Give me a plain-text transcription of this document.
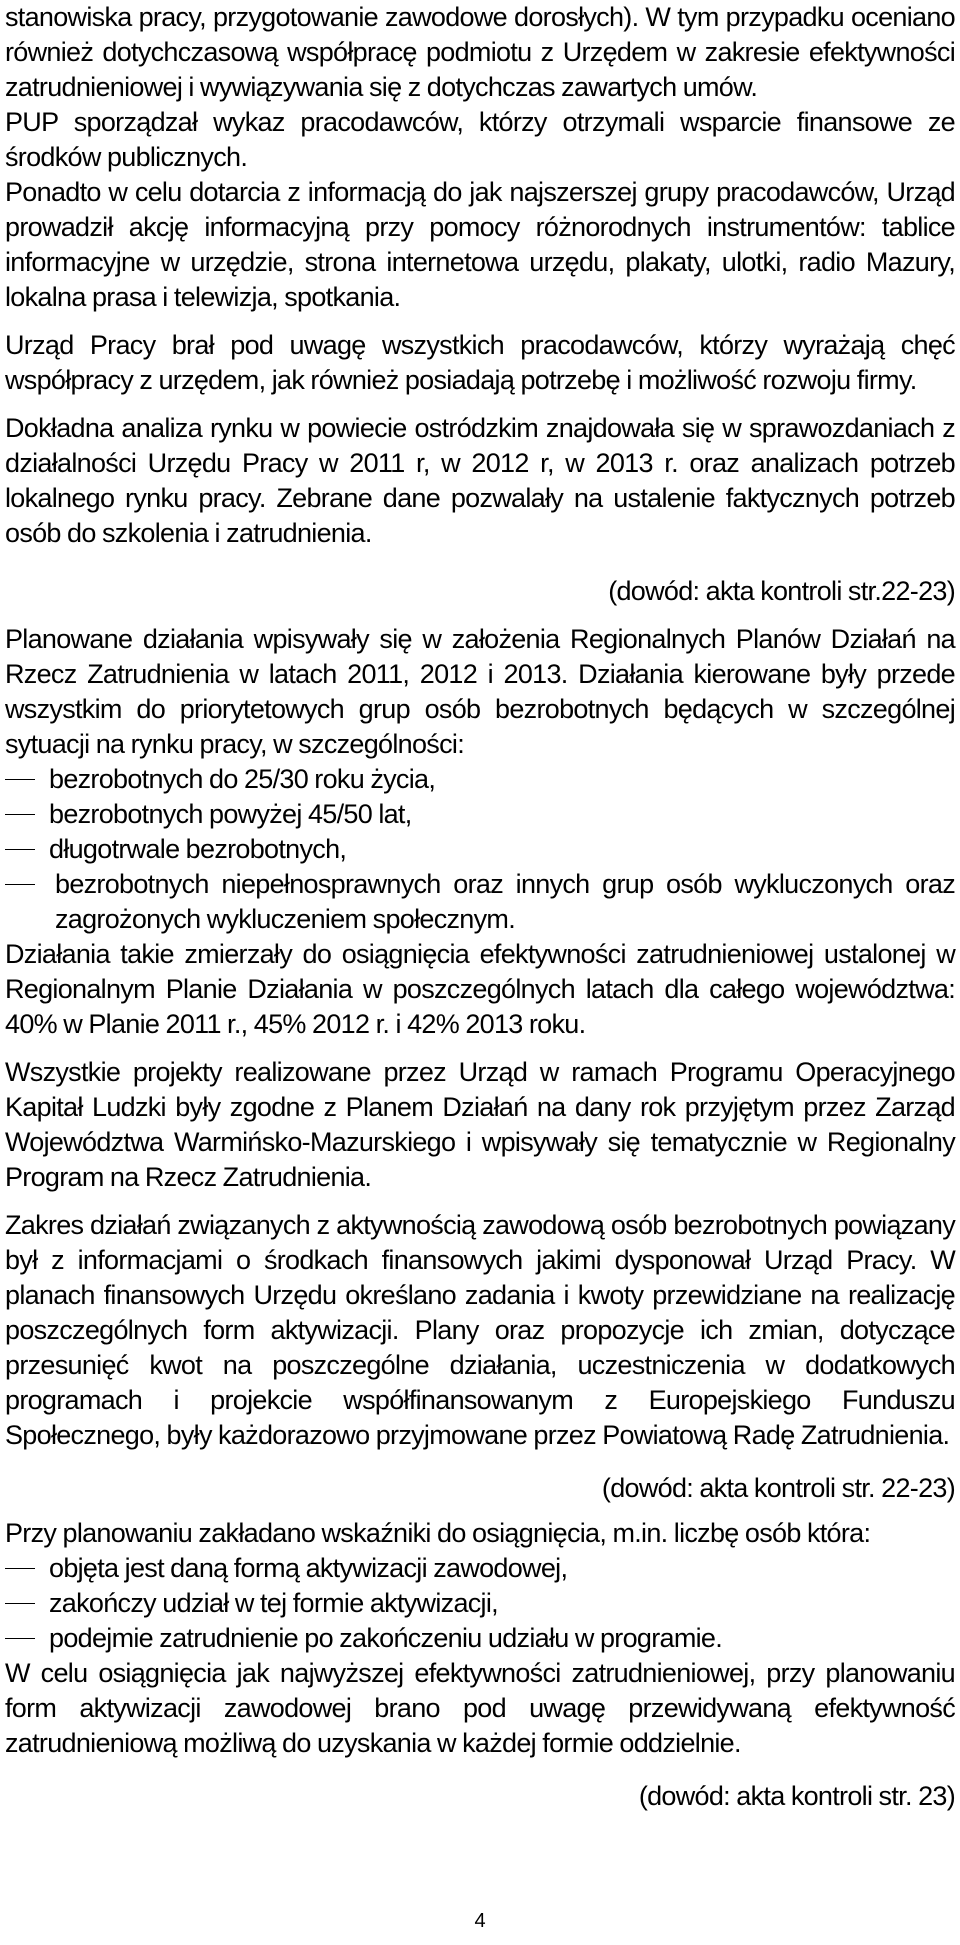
stanowiska pracy, przygotowanie zawodowe dorosłych). W tym przypadku oceniano również dotychczasową współpracę podmiotu z Urzędem w zakresie efektywności zatrudnieniowej i wywiązywania się z dotychczas zawartych umów.

PUP sporządzał wykaz pracodawców, którzy otrzymali wsparcie finansowe ze środków publicznych.

Ponadto w celu dotarcia z informacją do jak najszerszej grupy pracodawców, Urząd prowadził akcję informacyjną przy pomocy różnorodnych instrumentów: tablice informacyjne w urzędzie, strona internetowa urzędu, plakaty, ulotki, radio Mazury, lokalna prasa i telewizja, spotkania.

Urząd Pracy brał pod uwagę wszystkich pracodawców, którzy wyrażają chęć współpracy z urzędem, jak również posiadają potrzebę i możliwość rozwoju firmy.

Dokładna analiza rynku w powiecie ostródzkim znajdowała się w sprawozdaniach z działalności Urzędu Pracy w 2011 r, w 2012 r, w 2013 r. oraz analizach potrzeb lokalnego rynku pracy. Zebrane dane pozwalały na ustalenie faktycznych potrzeb osób do szkolenia i zatrudnienia.

(dowód: akta kontroli str.22-23)

Planowane działania wpisywały się w założenia Regionalnych Planów Działań na Rzecz Zatrudnienia w latach 2011, 2012 i 2013. Działania kierowane były przede wszystkim do priorytetowych grup osób bezrobotnych będących w szczególnej sytuacji na rynku pracy, w szczególności:

bezrobotnych do 25/30 roku życia,
bezrobotnych powyżej 45/50 lat,
długotrwale bezrobotnych,
bezrobotnych niepełnosprawnych oraz innych grup osób wykluczonych oraz zagrożonych wykluczeniem społecznym.

Działania takie zmierzały do osiągnięcia efektywności zatrudnieniowej ustalonej w Regionalnym Planie Działania w poszczególnych latach dla całego województwa: 40% w Planie 2011 r., 45% 2012 r. i 42% 2013 roku.

Wszystkie projekty realizowane przez Urząd w ramach Programu Operacyjnego Kapitał Ludzki były zgodne z Planem Działań na dany rok przyjętym przez Zarząd Województwa Warmińsko-Mazurskiego i wpisywały się tematycznie w Regionalny Program na Rzecz Zatrudnienia.

Zakres działań związanych z aktywnością zawodową osób bezrobotnych powiązany był z informacjami o środkach finansowych jakimi dysponował Urząd Pracy. W planach finansowych Urzędu określano zadania i kwoty przewidziane na realizację poszczególnych form aktywizacji. Plany oraz propozycje ich zmian, dotyczące przesunięć kwot na poszczególne działania, uczestniczenia w dodatkowych programach i projekcie współfinansowanym z Europejskiego Funduszu Społecznego, były każdorazowo przyjmowane przez Powiatową Radę Zatrudnienia.

(dowód: akta kontroli str. 22-23)

Przy planowaniu zakładano wskaźniki do osiągnięcia, m.in. liczbę osób która:

objęta jest daną formą aktywizacji zawodowej,
zakończy udział w tej formie aktywizacji,
podejmie zatrudnienie po zakończeniu udziału w programie.

W celu osiągnięcia jak najwyższej efektywności zatrudnieniowej, przy planowaniu form aktywizacji zawodowej brano pod uwagę przewidywaną efektywność zatrudnieniową możliwą do uzyskania w każdej formie oddzielnie.

(dowód: akta kontroli str. 23)

4
